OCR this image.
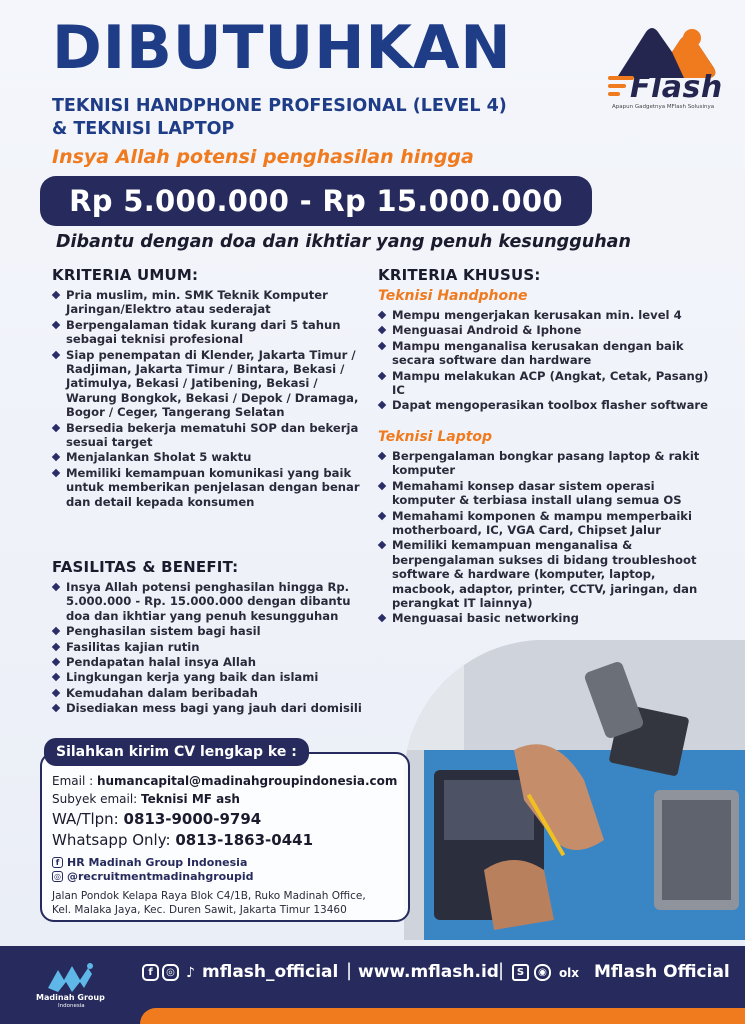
DIBUTUHKAN
TEKNISI HANDPHONE PROFESIONAL (LEVEL 4)
& TEKNISI LAPTOP
Insya Allah potensi penghasilan hingga
Rp 5.000.000 - Rp 15.000.000
Dibantu dengan doa dan ikhtiar yang penuh kesungguhan
Flash
Apapun Gadgetnya MFlash Solusinya
KRITERIA UMUM:
Pria muslim, min. SMK Teknik Komputer Jaringan/Elektro atau sederajat
Berpengalaman tidak kurang dari 5 tahun sebagai teknisi profesional
Siap penempatan di Klender, Jakarta Timur / Radjiman, Jakarta Timur / Bintara, Bekasi / Jatimulya, Bekasi / Jatibening, Bekasi / Warung Bongkok, Bekasi / Depok / Dramaga, Bogor / Ceger, Tangerang Selatan
Bersedia bekerja mematuhi SOP dan bekerja sesuai target
Menjalankan Sholat 5 waktu
Memiliki kemampuan komunikasi yang baik untuk memberikan penjelasan dengan benar dan detail kepada konsumen
FASILITAS & BENEFIT:
Insya Allah potensi penghasilan hingga Rp. 5.000.000 - Rp. 15.000.000 dengan dibantu doa dan ikhtiar yang penuh kesungguhan
Penghasilan sistem bagi hasil
Fasilitas kajian rutin
Pendapatan halal insya Allah
Lingkungan kerja yang baik dan islami
Kemudahan dalam beribadah
Disediakan mess bagi yang jauh dari domisili
KRITERIA KHUSUS:
Teknisi Handphone
Mempu mengerjakan kerusakan min. level 4
Menguasai Android & Iphone
Mampu menganalisa kerusakan dengan baik secara software dan hardware
Mampu melakukan ACP (Angkat, Cetak, Pasang) IC
Dapat mengoperasikan toolbox flasher software
Teknisi Laptop
Berpengalaman bongkar pasang laptop & rakit komputer
Memahami konsep dasar sistem operasi komputer & terbiasa install ulang semua OS
Memahami komponen & mampu memperbaiki motherboard, IC, VGA Card, Chipset Jalur
Memiliki kemampuan menganalisa & berpengalaman sukses di bidang troubleshoot software & hardware (komputer, laptop, macbook, adaptor, printer, CCTV, jaringan, dan perangkat IT lainnya)
Menguasai basic networking
Silahkan kirim CV lengkap ke :
Email : humancapital@madinahgroupindonesia.com
Subyek email: Teknisi MF ash
WA/Tlpn: 0813-9000-9794
Whatsapp Only: 0813-1863-0441
f HR Madinah Group Indonesia
◎ @recruitmentmadinahgroupid
Jalan Pondok Kelapa Raya Blok C4/1B, Ruko Madinah Office,
Kel. Malaka Jaya, Kec. Duren Sawit, Jakarta Timur 13460
Madinah Group
Indonesia
f	◎ ♪ mflash_official | www.mflash.id |	S	◉	olx Mflash Official
